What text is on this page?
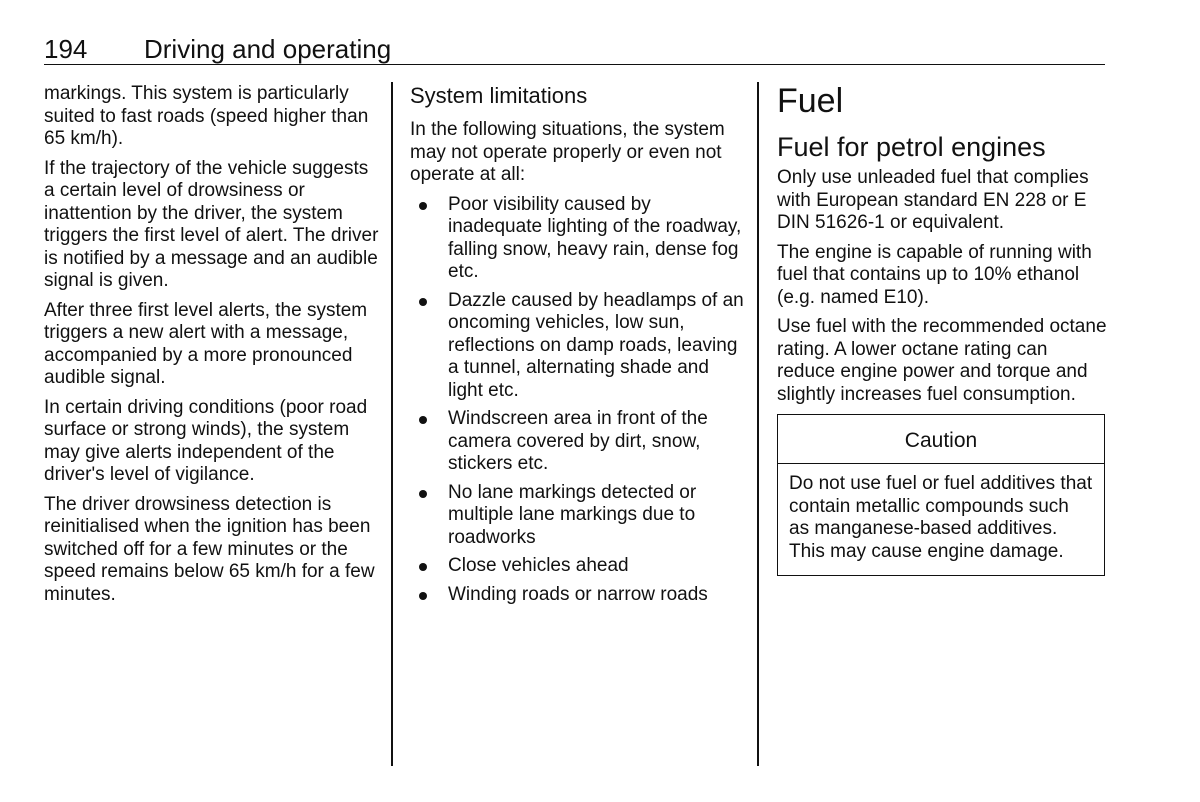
194 Driving and operating

markings. This system is particularly suited to fast roads (speed higher than 65 km/h).

If the trajectory of the vehicle suggests a certain level of drowsiness or inattention by the driver, the system triggers the first level of alert. The driver is notified by a message and an audible signal is given.

After three first level alerts, the system triggers a new alert with a message, accompanied by a more pronounced audible signal.

In certain driving conditions (poor road surface or strong winds), the system may give alerts independent of the driver's level of vigilance.

The driver drowsiness detection is reinitialised when the ignition has been switched off for a few minutes or the speed remains below 65 km/h for a few minutes.

System limitations

In the following situations, the system may not operate properly or even not operate at all:

Poor visibility caused by inadequate lighting of the roadway, falling snow, heavy rain, dense fog etc.
Dazzle caused by headlamps of an oncoming vehicles, low sun, reflections on damp roads, leaving a tunnel, alternating shade and light etc.
Windscreen area in front of the camera covered by dirt, snow, stickers etc.
No lane markings detected or multiple lane markings due to roadworks
Close vehicles ahead
Winding roads or narrow roads
Fuel
Fuel for petrol engines

Only use unleaded fuel that complies with European standard EN 228 or E DIN 51626-1 or equivalent.

The engine is capable of running with fuel that contains up to 10% ethanol (e.g. named E10).

Use fuel with the recommended octane rating. A lower octane rating can reduce engine power and torque and slightly increases fuel consumption.

Caution
Do not use fuel or fuel additives that contain metallic compounds such as manganese-based additives. This may cause engine damage.
